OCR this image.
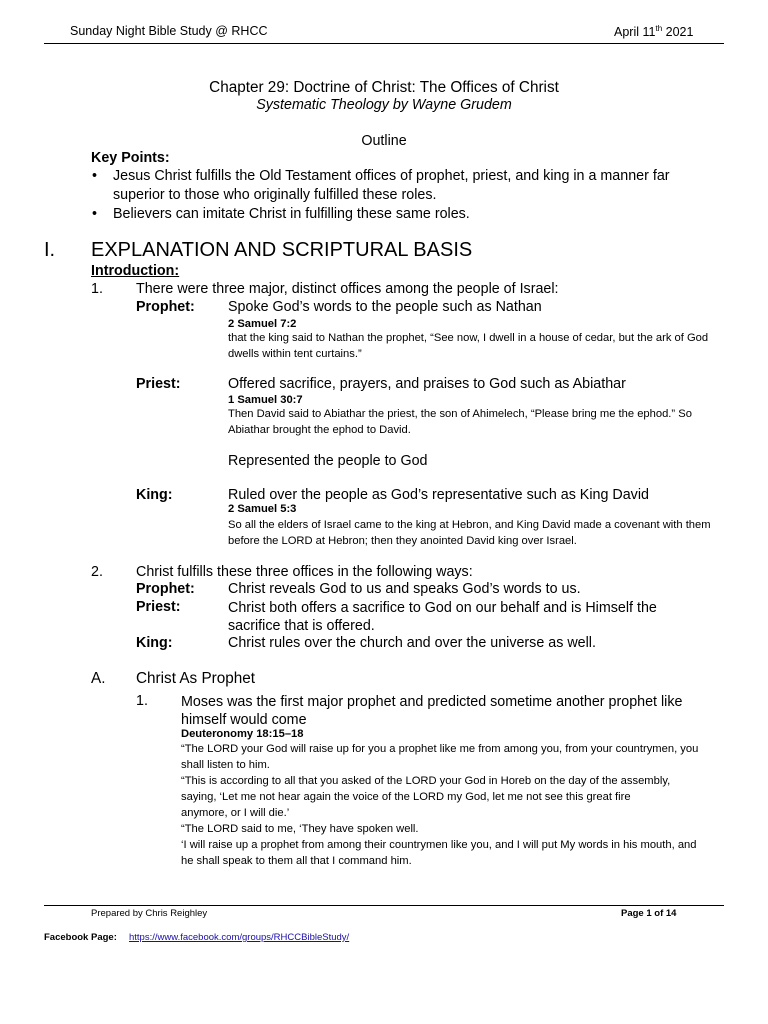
Sunday Night Bible Study @ RHCC	April 11th 2021
Chapter 29: Doctrine of Christ: The Offices of Christ
Systematic Theology by Wayne Grudem
Outline
Key Points:
• Jesus Christ fulfills the Old Testament offices of prophet, priest, and king in a manner far
superior to those who originally fulfilled these roles.
• Believers can imitate Christ in fulfilling these same roles.
I. EXPLANATION AND SCRIPTURAL BASIS
Introduction:
1. There were three major, distinct offices among the people of Israel:
Prophet: Spoke God’s words to the people such as Nathan
2 Samuel 7:2
that the king said to Nathan the prophet, “See now, I dwell in a house of cedar, but the ark of God dwells within tent curtains.”
Priest:	Offered sacrifice, prayers, and praises to God such as Abiathar
1 Samuel 30:7
Then David said to Abiathar the priest, the son of Ahimelech, “Please bring me the ephod.” So Abiathar brought the ephod to David.
Represented the people to God
King:	Ruled over the people as God’s representative such as King David
2 Samuel 5:3
So all the elders of Israel came to the king at Hebron, and King David made a covenant with them before the LORD at Hebron; then they anointed David king over Israel.
2. Christ fulfills these three offices in the following ways:
Prophet: Christ reveals God to us and speaks God’s words to us.
Priest:	Christ both offers a sacrifice to God on our behalf and is Himself the sacrifice that is offered.
King:	Christ rules over the church and over the universe as well.
A. Christ As Prophet
1. Moses was the first major prophet and predicted sometime another prophet like himself would come
Deuteronomy 18:15–18
“The LORD your God will raise up for you a prophet like me from among you, from your countrymen, you shall listen to him.
“This is according to all that you asked of the LORD your God in Horeb on the day of the assembly, saying, ‘Let me not hear again the voice of the LORD my God, let me not see this great fire anymore, or I will die.’
“The LORD said to me, ‘They have spoken well.
‘I will raise up a prophet from among their countrymen like you, and I will put My words in his mouth, and he shall speak to them all that I command him.
Prepared by Chris Reighley	Page 1 of 14
Facebook Page: https://www.facebook.com/groups/RHCCBibleStudy/
